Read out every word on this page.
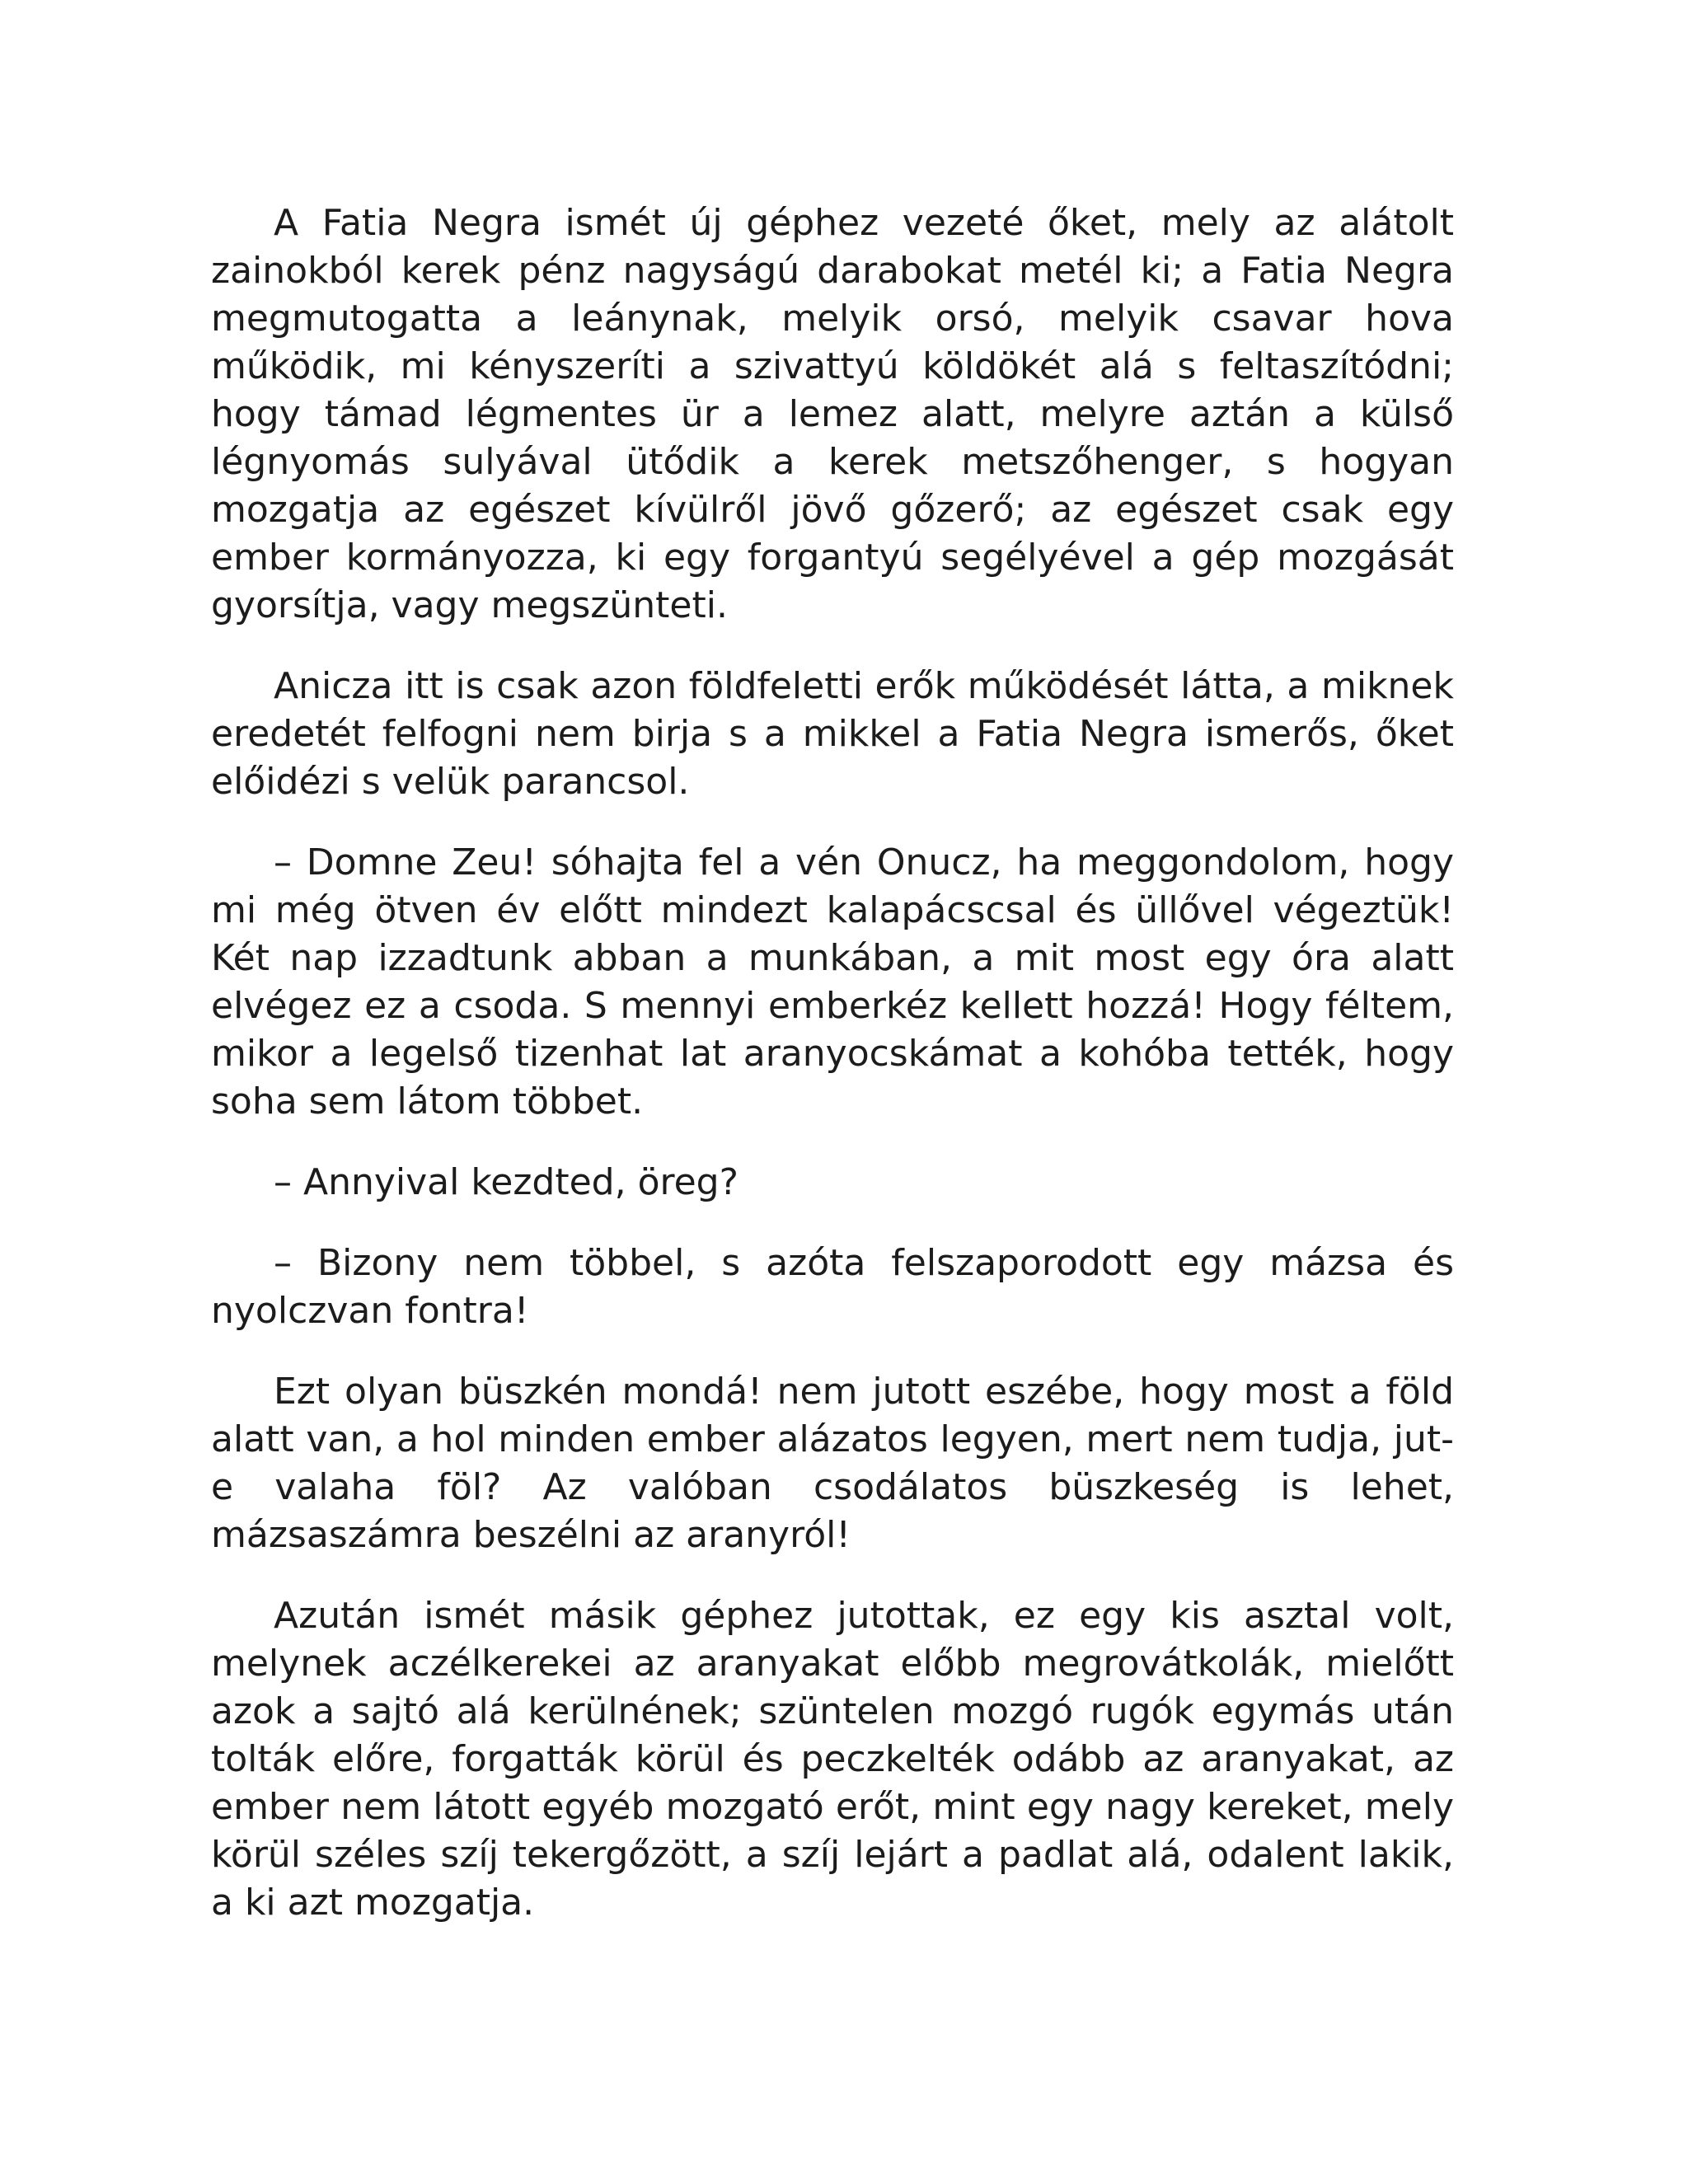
A Fatia Negra ismét új géphez vezeté őket, mely az alátolt zainokból kerek pénz nagyságú darabokat metél ki; a Fatia Negra megmutogatta a leánynak, melyik orsó, melyik csavar hova működik, mi kényszeríti a szivattyú köldökét alá s feltaszítódni; hogy támad légmentes ür a lemez alatt, melyre aztán a külső légnyomás sulyával ütődik a kerek metszőhenger, s hogyan mozgatja az egészet kívülről jövő gőzerő; az egészet csak egy ember kormányozza, ki egy forgantyú segélyével a gép mozgását gyorsítja, vagy megszünteti.

Anicza itt is csak azon földfeletti erők működését látta, a miknek eredetét felfogni nem birja s a mikkel a Fatia Negra ismerős, őket előidézi s velük parancsol.

– Domne Zeu! sóhajta fel a vén Onucz, ha meggondolom, hogy mi még ötven év előtt mindezt kalapácscsal és üllővel végeztük! Két nap izzadtunk abban a munkában, a mit most egy óra alatt elvégez ez a csoda. S mennyi emberkéz kellett hozzá! Hogy féltem, mikor a legelső tizenhat lat aranyocskámat a kohóba tették, hogy soha sem látom többet.

– Annyival kezdted, öreg?

– Bizony nem többel, s azóta felszaporodott egy mázsa és nyolczvan fontra!

Ezt olyan büszkén mondá! nem jutott eszébe, hogy most a föld alatt van, a hol minden ember alázatos legyen, mert nem tudja, jut-e valaha föl? Az valóban csodálatos büszkeség is lehet, mázsaszámra beszélni az aranyról!

Azután ismét másik géphez jutottak, ez egy kis asztal volt, melynek aczélkerekei az aranyakat előbb megrovátkolák, mielőtt azok a sajtó alá kerülnének; szüntelen mozgó rugók egymás után tolták előre, forgatták körül és peczkelték odább az aranyakat, az ember nem látott egyéb mozgató erőt, mint egy nagy kereket, mely körül széles szíj tekergőzött, a szíj lejárt a padlat alá, odalent lakik, a ki azt mozgatja.
